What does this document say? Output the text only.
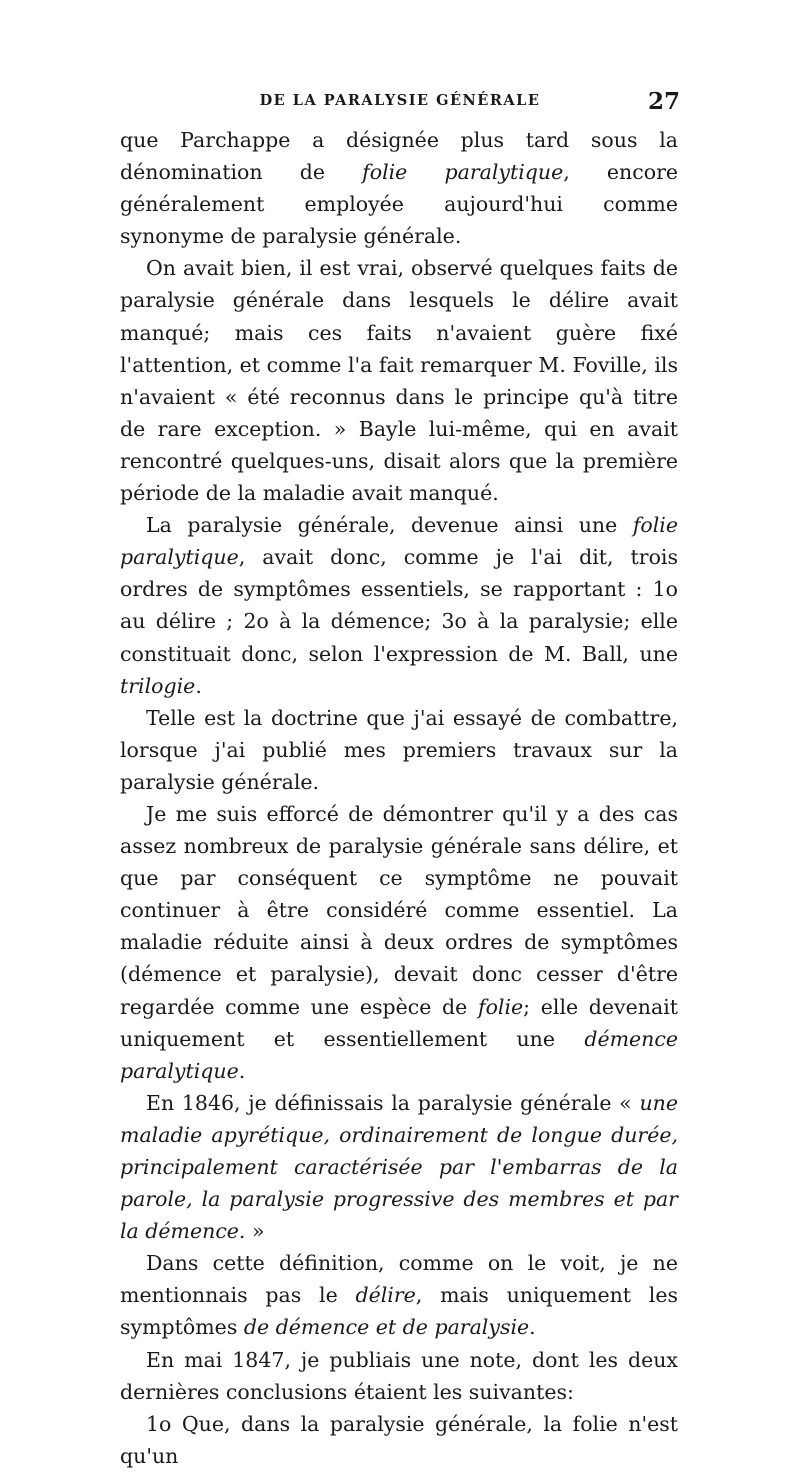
DE LA PARALYSIE GÉNÉRALE	27

que Parchappe a désignée plus tard sous la dénomination de folie paralytique, encore généralement employée aujourd'hui comme synonyme de paralysie générale.

On avait bien, il est vrai, observé quelques faits de paralysie générale dans lesquels le délire avait manqué; mais ces faits n'avaient guère fixé l'attention, et comme l'a fait remarquer M. Foville, ils n'avaient « été reconnus dans le principe qu'à titre de rare exception. » Bayle lui-même, qui en avait rencontré quelques-uns, disait alors que la première période de la maladie avait manqué.

La paralysie générale, devenue ainsi une folie paralytique, avait donc, comme je l'ai dit, trois ordres de symptômes essentiels, se rapportant : 1o au délire ; 2o à la démence; 3o à la paralysie; elle constituait donc, selon l'expression de M. Ball, une trilogie.

Telle est la doctrine que j'ai essayé de combattre, lorsque j'ai publié mes premiers travaux sur la paralysie générale.

Je me suis efforcé de démontrer qu'il y a des cas assez nombreux de paralysie générale sans délire, et que par conséquent ce symptôme ne pouvait continuer à être considéré comme essentiel. La maladie réduite ainsi à deux ordres de symptômes (démence et paralysie), devait donc cesser d'être regardée comme une espèce de folie; elle devenait uniquement et essentiellement une démence paralytique.

En 1846, je définissais la paralysie générale « une maladie apyrétique, ordinairement de longue durée, principalement caractérisée par l'embarras de la parole, la paralysie progressive des membres et par la démence. »

Dans cette définition, comme on le voit, je ne mentionnais pas le délire, mais uniquement les symptômes de démence et de paralysie.

En mai 1847, je publiais une note, dont les deux dernières conclusions étaient les suivantes:

1o Que, dans la paralysie générale, la folie n'est qu'un
